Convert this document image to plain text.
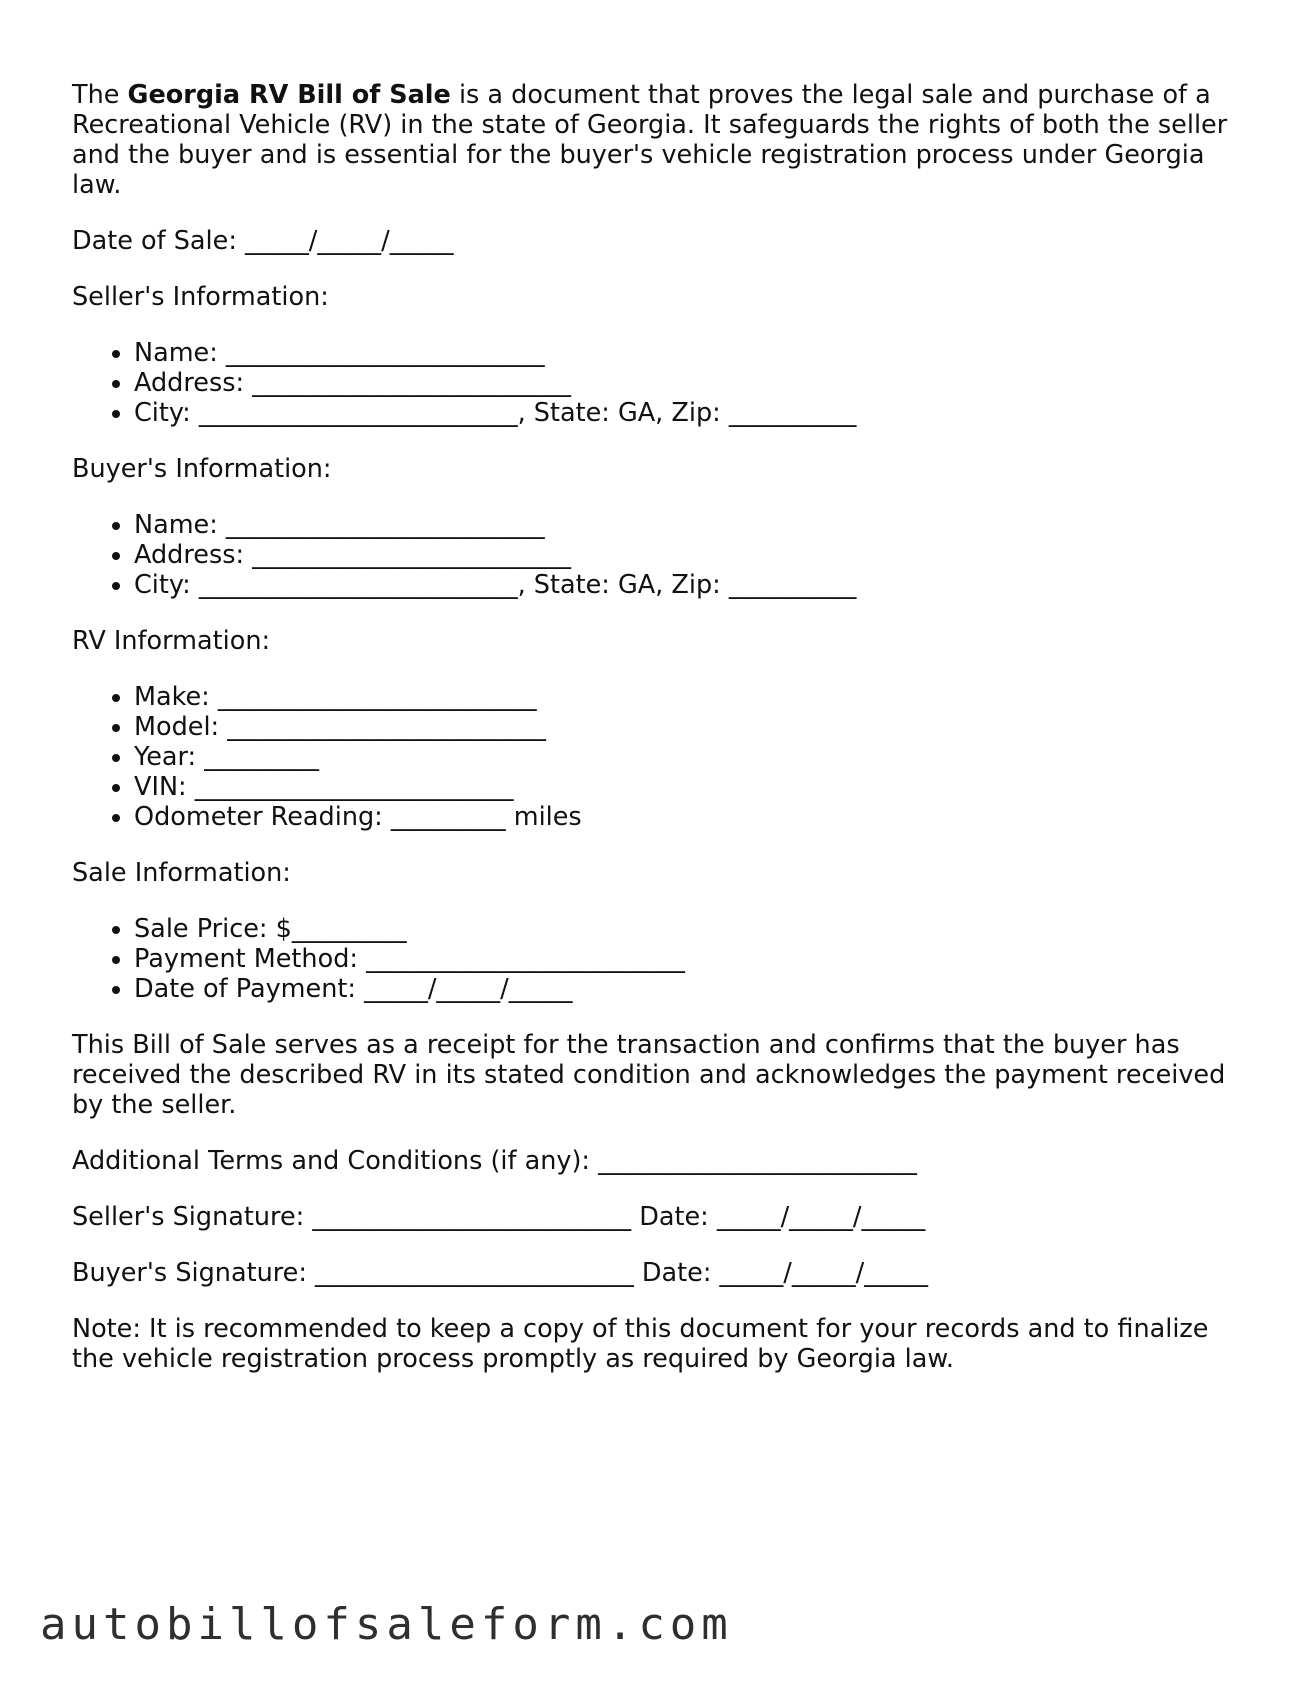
The Georgia RV Bill of Sale is a document that proves the legal sale and purchase of a Recreational Vehicle (RV) in the state of Georgia. It safeguards the rights of both the seller and the buyer and is essential for the buyer's vehicle registration process under Georgia law.

Date of Sale: _____/_____/_____

Seller's Information:

• Name: _________________________
• Address: _________________________
• City: _________________________, State: GA, Zip: __________

Buyer's Information:

• Name: _________________________
• Address: _________________________
• City: _________________________, State: GA, Zip: __________

RV Information:

• Make: _________________________
• Model: _________________________
• Year: _________
• VIN: _________________________
• Odometer Reading: _________ miles

Sale Information:

• Sale Price: $_________
• Payment Method: _________________________
• Date of Payment: _____/_____/_____

This Bill of Sale serves as a receipt for the transaction and confirms that the buyer has received the described RV in its stated condition and acknowledges the payment received by the seller.

Additional Terms and Conditions (if any): _________________________

Seller's Signature: _________________________ Date: _____/_____/_____

Buyer's Signature: _________________________ Date: _____/_____/_____

Note: It is recommended to keep a copy of this document for your records and to finalize the vehicle registration process promptly as required by Georgia law.

autobillofsaleform.com
